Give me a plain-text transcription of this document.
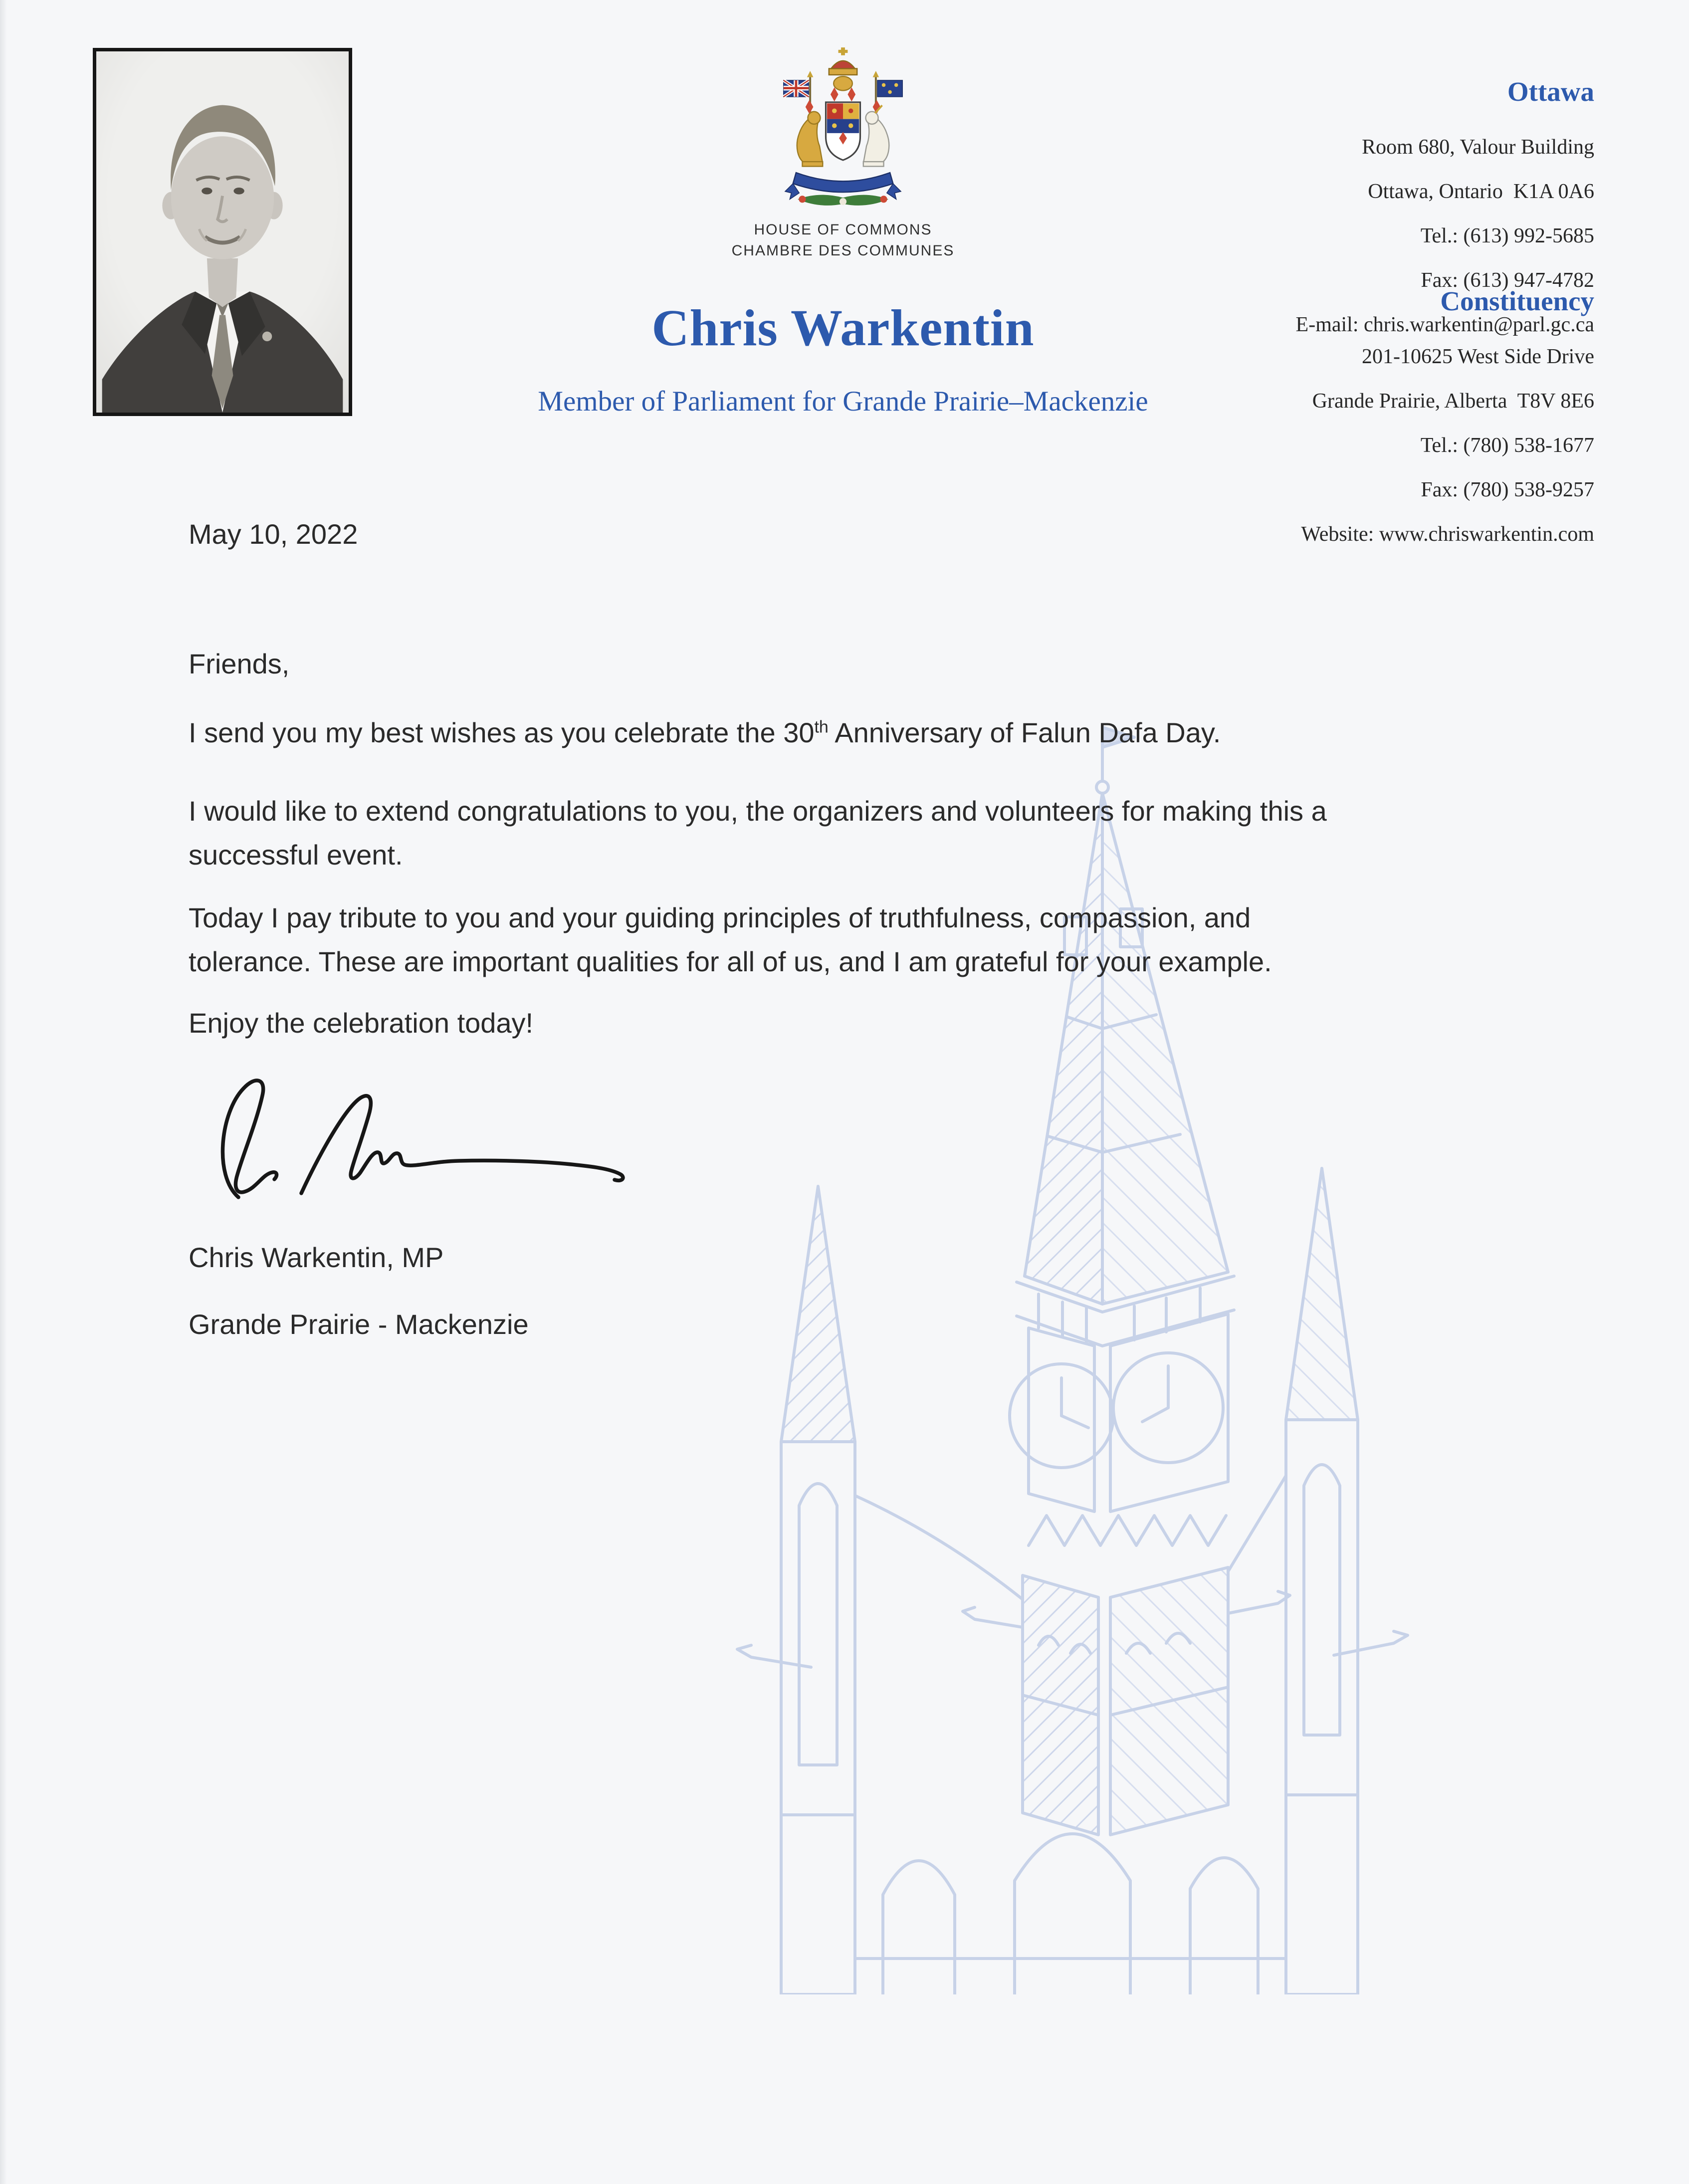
HOUSE OF COMMONS
CHAMBRE DES COMMUNES
Chris Warkentin
Member of Parliament for Grande Prairie–Mackenzie

Ottawa

Room 680, Valour Building

Ottawa, Ontario  K1A 0A6

Tel.: (613) 992-5685

Fax: (613) 947-4782

E-mail: chris.warkentin@parl.gc.ca

Constituency

201-10625 West Side Drive

Grande Prairie, Alberta  T8V 8E6

Tel.: (780) 538-1677

Fax: (780) 538-9257

Website: www.chriswarkentin.com

May 10, 2022
Friends,
I send you my best wishes as you celebrate the 30th Anniversary of Falun Dafa Day.
I would like to extend congratulations to you, the organizers and volunteers for making this a
successful event.
Today I pay tribute to you and your guiding principles of truthfulness, compassion, and
tolerance. These are important qualities for all of us, and I am grateful for your example.
Enjoy the celebration today!
Chris Warkentin, MP
Grande Prairie - Mackenzie
